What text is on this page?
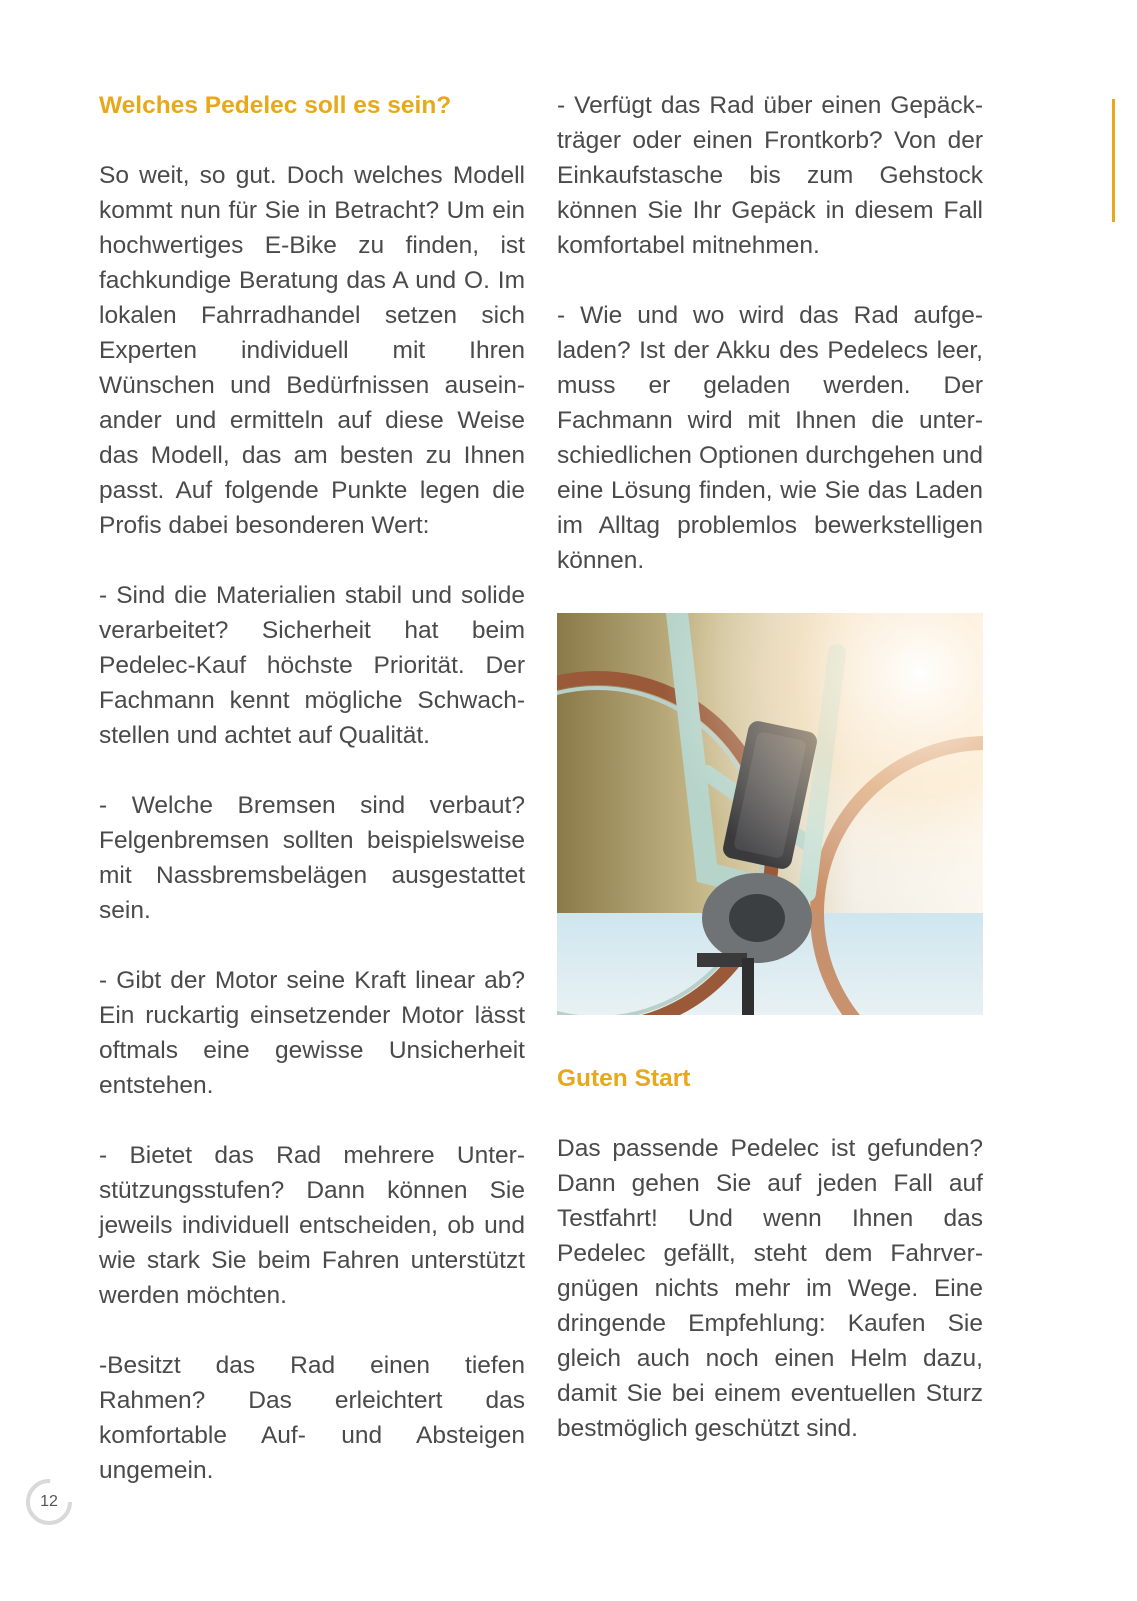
Welches Pedelec soll es sein?

So weit, so gut. Doch welches Modell kommt nun für Sie in Betracht? Um ein hochwertiges E-Bike zu finden, ist fachkundige Beratung das A und O. Im lokalen Fahrradhandel setzen sich Experten individuell mit Ihren Wünschen und Bedürfnissen auseinander und ermitteln auf diese Weise das Modell, das am besten zu Ihnen passt. Auf folgende Punkte legen die Profis dabei besonderen Wert:

- Sind die Materialien stabil und solide verarbeitet? Sicherheit hat beim Pedelec-Kauf höchste Priorität. Der Fachmann kennt mögliche Schwachstellen und achtet auf Qualität.

- Welche Bremsen sind verbaut? Felgenbremsen sollten beispielsweise mit Nassbremsbelägen ausgestattet sein.

- Gibt der Motor seine Kraft linear ab? Ein ruckartig einsetzender Motor lässt oftmals eine gewisse Unsicherheit entstehen.

- Bietet das Rad mehrere Unterstützungsstufen? Dann können Sie jeweils individuell entscheiden, ob und wie stark Sie beim Fahren unterstützt werden möchten.

-Besitzt das Rad einen tiefen Rahmen? Das erleichtert das komfortable Auf- und Absteigen ungemein.

- Verfügt das Rad über einen Gepäckträger oder einen Frontkorb? Von der Einkaufstasche bis zum Gehstock können Sie Ihr Gepäck in diesem Fall komfortabel mitnehmen.

- Wie und wo wird das Rad aufgeladen? Ist der Akku des Pedelecs leer, muss er geladen werden. Der Fachmann wird mit Ihnen die unterschiedlichen Optionen durchgehen und eine Lösung finden, wie Sie das Laden im Alltag problemlos bewerkstelligen können.

Guten Start

Das passende Pedelec ist gefunden? Dann gehen Sie auf jeden Fall auf Testfahrt! Und wenn Ihnen das Pedelec gefällt, steht dem Fahrvergnügen nichts mehr im Wege. Eine dringende Empfehlung: Kaufen Sie gleich auch noch einen Helm dazu, damit Sie bei einem eventuellen Sturz bestmöglich geschützt sind.

12
